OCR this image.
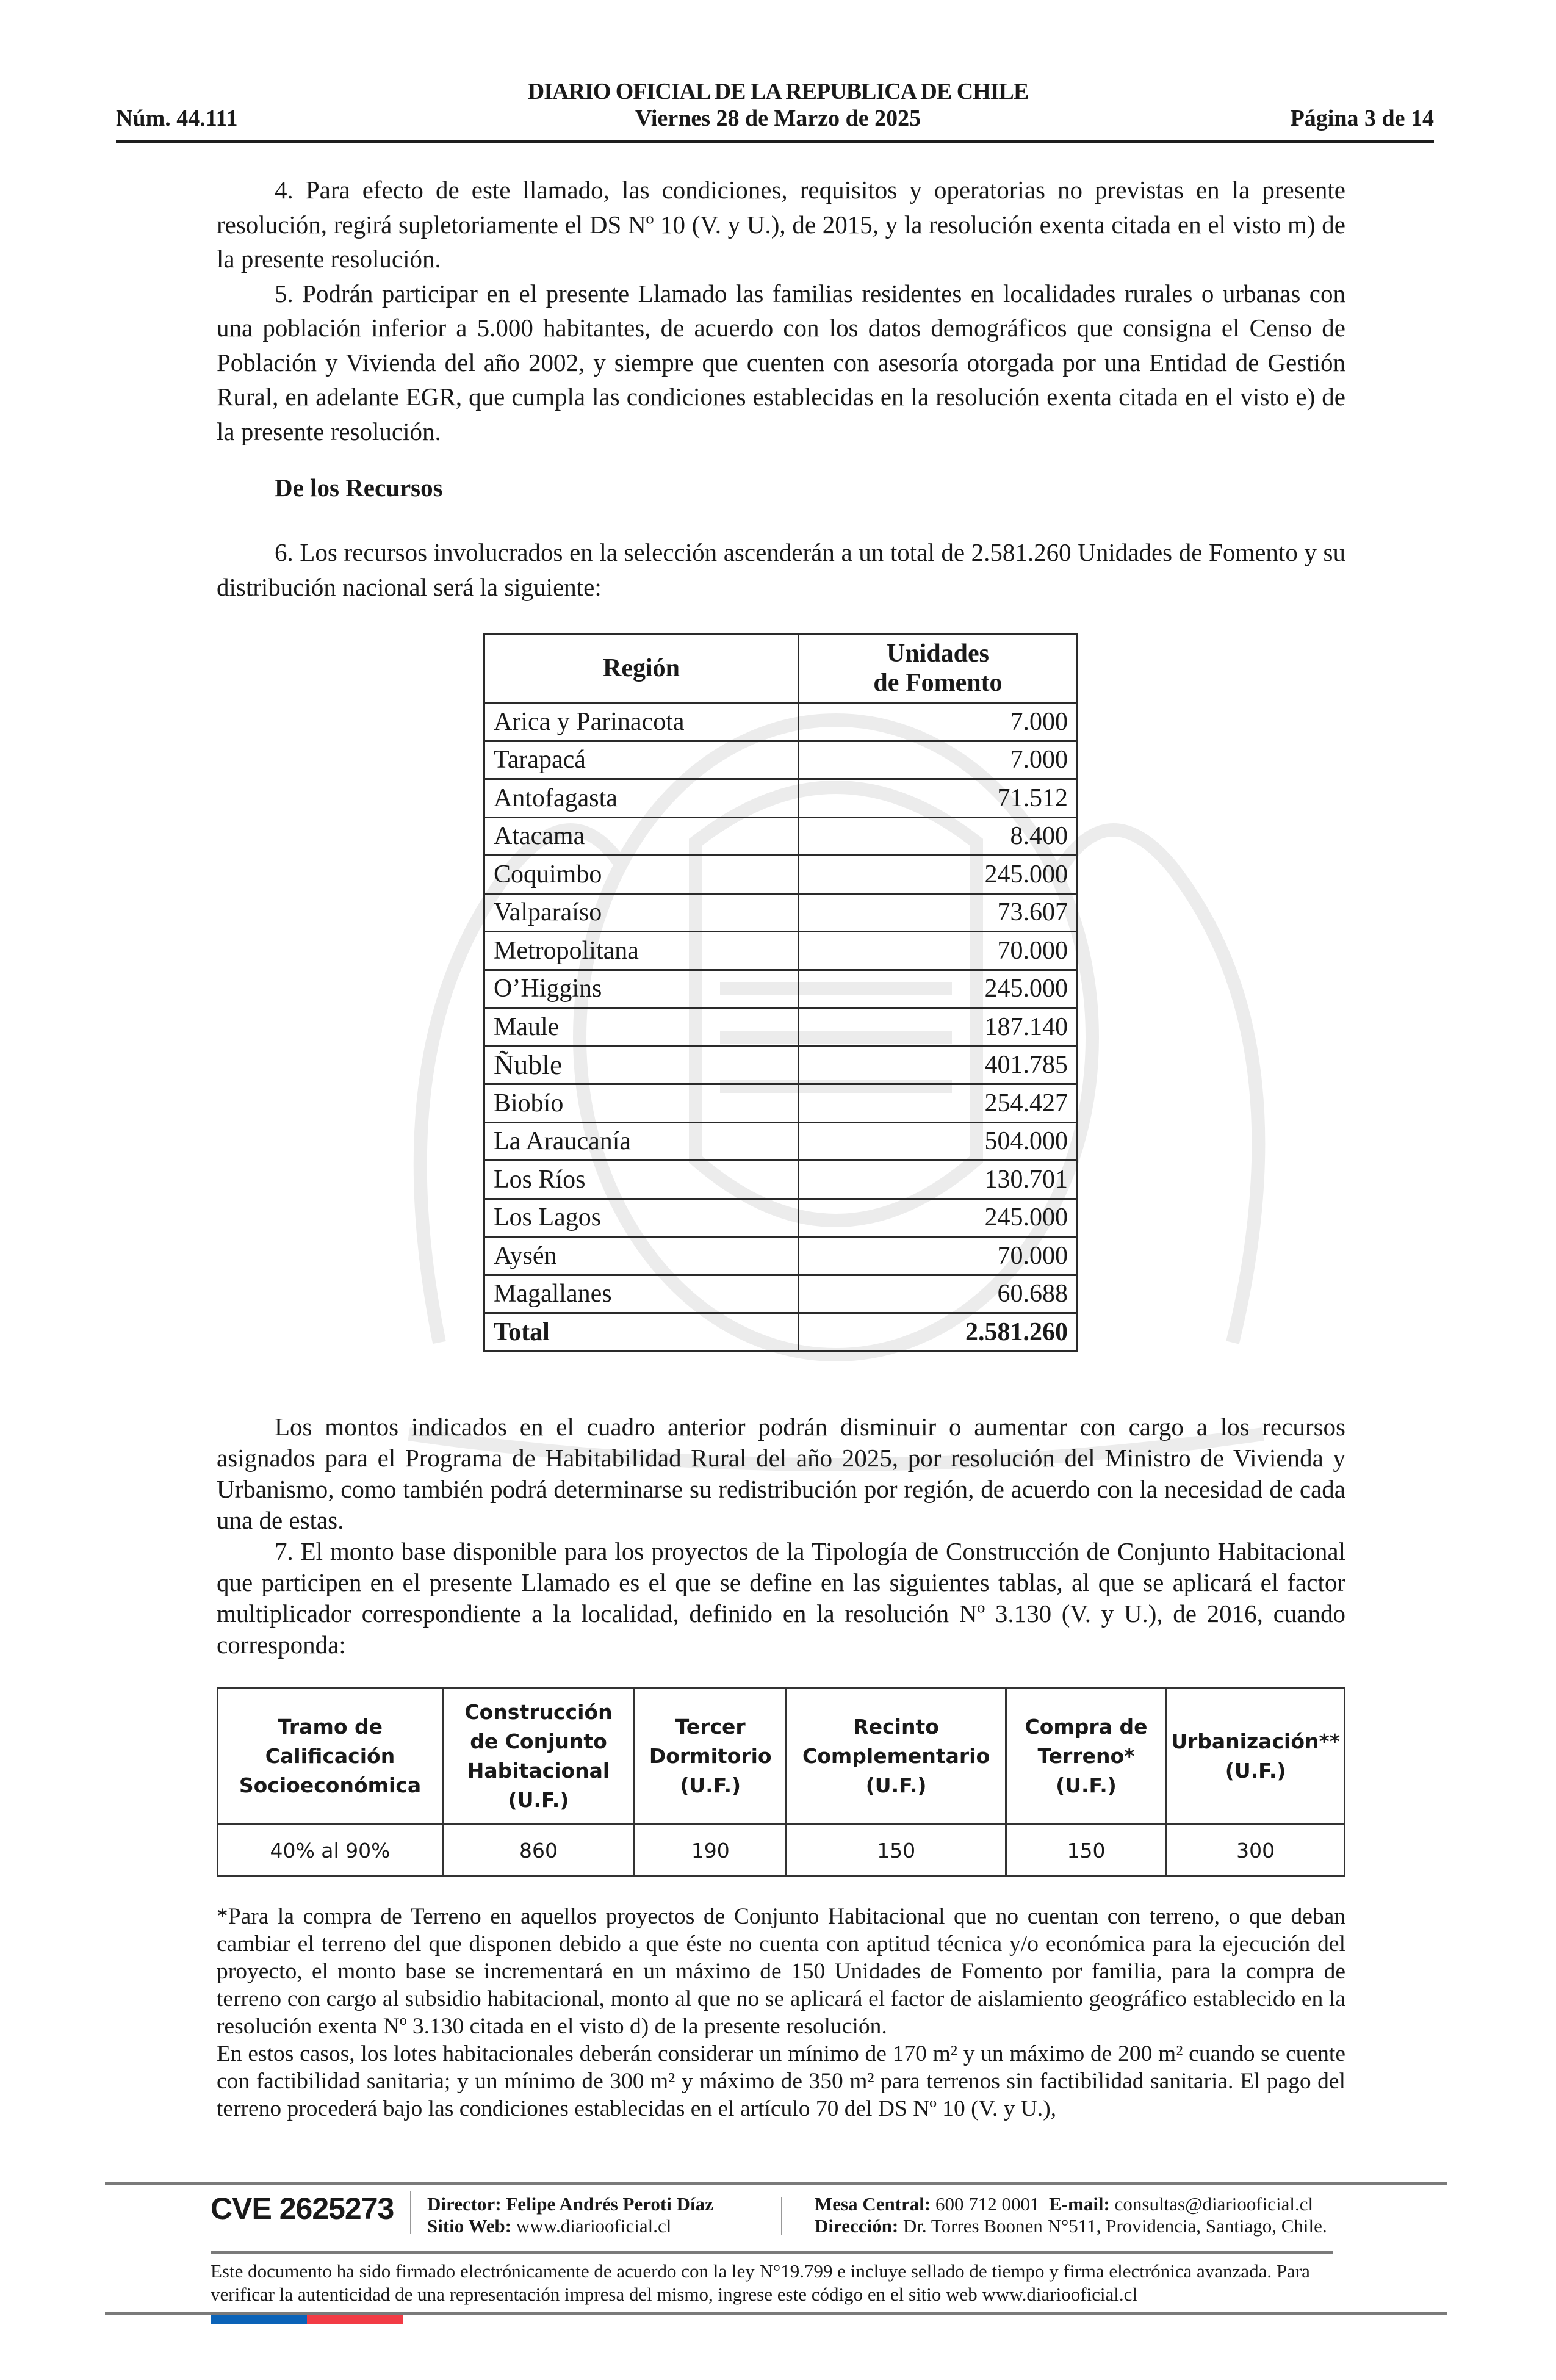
DIARIO OFICIAL DE LA REPUBLICA DE CHILE
Núm. 44.111	Viernes 28 de Marzo de 2025	Página 3 de 14

4. Para efecto de este llamado, las condiciones, requisitos y operatorias no previstas en la presente resolución, regirá supletoriamente el DS Nº 10 (V. y U.), de 2015, y la resolución exenta citada en el visto m) de la presente resolución.

5. Podrán participar en el presente Llamado las familias residentes en localidades rurales o urbanas con una población inferior a 5.000 habitantes, de acuerdo con los datos demográficos que consigna el Censo de Población y Vivienda del año 2002, y siempre que cuenten con asesoría otorgada por una Entidad de Gestión Rural, en adelante EGR, que cumpla las condiciones establecidas en la resolución exenta citada en el visto e) de la presente resolución.

De los Recursos

6. Los recursos involucrados en la selección ascenderán a un total de 2.581.260 Unidades de Fomento y su distribución nacional será la siguiente:

Región	Unidades
de Fomento
Arica y Parinacota	7.000
Tarapacá	7.000
Antofagasta	71.512
Atacama	8.400
Coquimbo	245.000
Valparaíso	73.607
Metropolitana	70.000
O’Higgins	245.000
Maule	187.140
Ñuble	401.785
Biobío	254.427
La Araucanía	504.000
Los Ríos	130.701
Los Lagos	245.000
Aysén	70.000
Magallanes	60.688
Total	2.581.260

Los montos indicados en el cuadro anterior podrán disminuir o aumentar con cargo a los recursos asignados para el Programa de Habitabilidad Rural del año 2025, por resolución del Ministro de Vivienda y Urbanismo, como también podrá determinarse su redistribución por región, de acuerdo con la necesidad de cada una de estas.

7. El monto base disponible para los proyectos de la Tipología de Construcción de Conjunto Habitacional que participen en el presente Llamado es el que se define en las siguientes tablas, al que se aplicará el factor multiplicador correspondiente a la localidad, definido en la resolución Nº 3.130 (V. y U.), de 2016, cuando corresponda:

Tramo de
Calificación
Socioeconómica	Construcción
de Conjunto
Habitacional
(U.F.)	Tercer
Dormitorio
(U.F.)	Recinto
Complementario
(U.F.)	Compra de
Terreno*
(U.F.)	Urbanización**
(U.F.)
40% al 90%	860	190	150	150	300

*Para la compra de Terreno en aquellos proyectos de Conjunto Habitacional que no cuentan con terreno, o que deban cambiar el terreno del que disponen debido a que éste no cuenta con aptitud técnica y/o económica para la ejecución del proyecto, el monto base se incrementará en un máximo de 150 Unidades de Fomento por familia, para la compra de terreno con cargo al subsidio habitacional, monto al que no se aplicará el factor de aislamiento geográfico establecido en la resolución exenta Nº 3.130 citada en el visto d) de la presente resolución.

En estos casos, los lotes habitacionales deberán considerar un mínimo de 170 m² y un máximo de 200 m² cuando se cuente con factibilidad sanitaria; y un mínimo de 300 m² y máximo de 350 m² para terrenos sin factibilidad sanitaria. El pago del terreno procederá bajo las condiciones establecidas en el artículo 70 del DS Nº 10 (V. y U.),

CVE 2625273 Director: Felipe Andrés Peroti Díaz
Sitio Web: www.diariooficial.cl
Mesa Central: 600 712 0001 E-mail: consultas@diariooficial.cl
Dirección: Dr. Torres Boonen N°511, Providencia, Santiago, Chile.
Este documento ha sido firmado electrónicamente de acuerdo con la ley N°19.799 e incluye sellado de tiempo y firma electrónica avanzada. Para verificar la autenticidad de una representación impresa del mismo, ingrese este código en el sitio web www.diariooficial.cl
